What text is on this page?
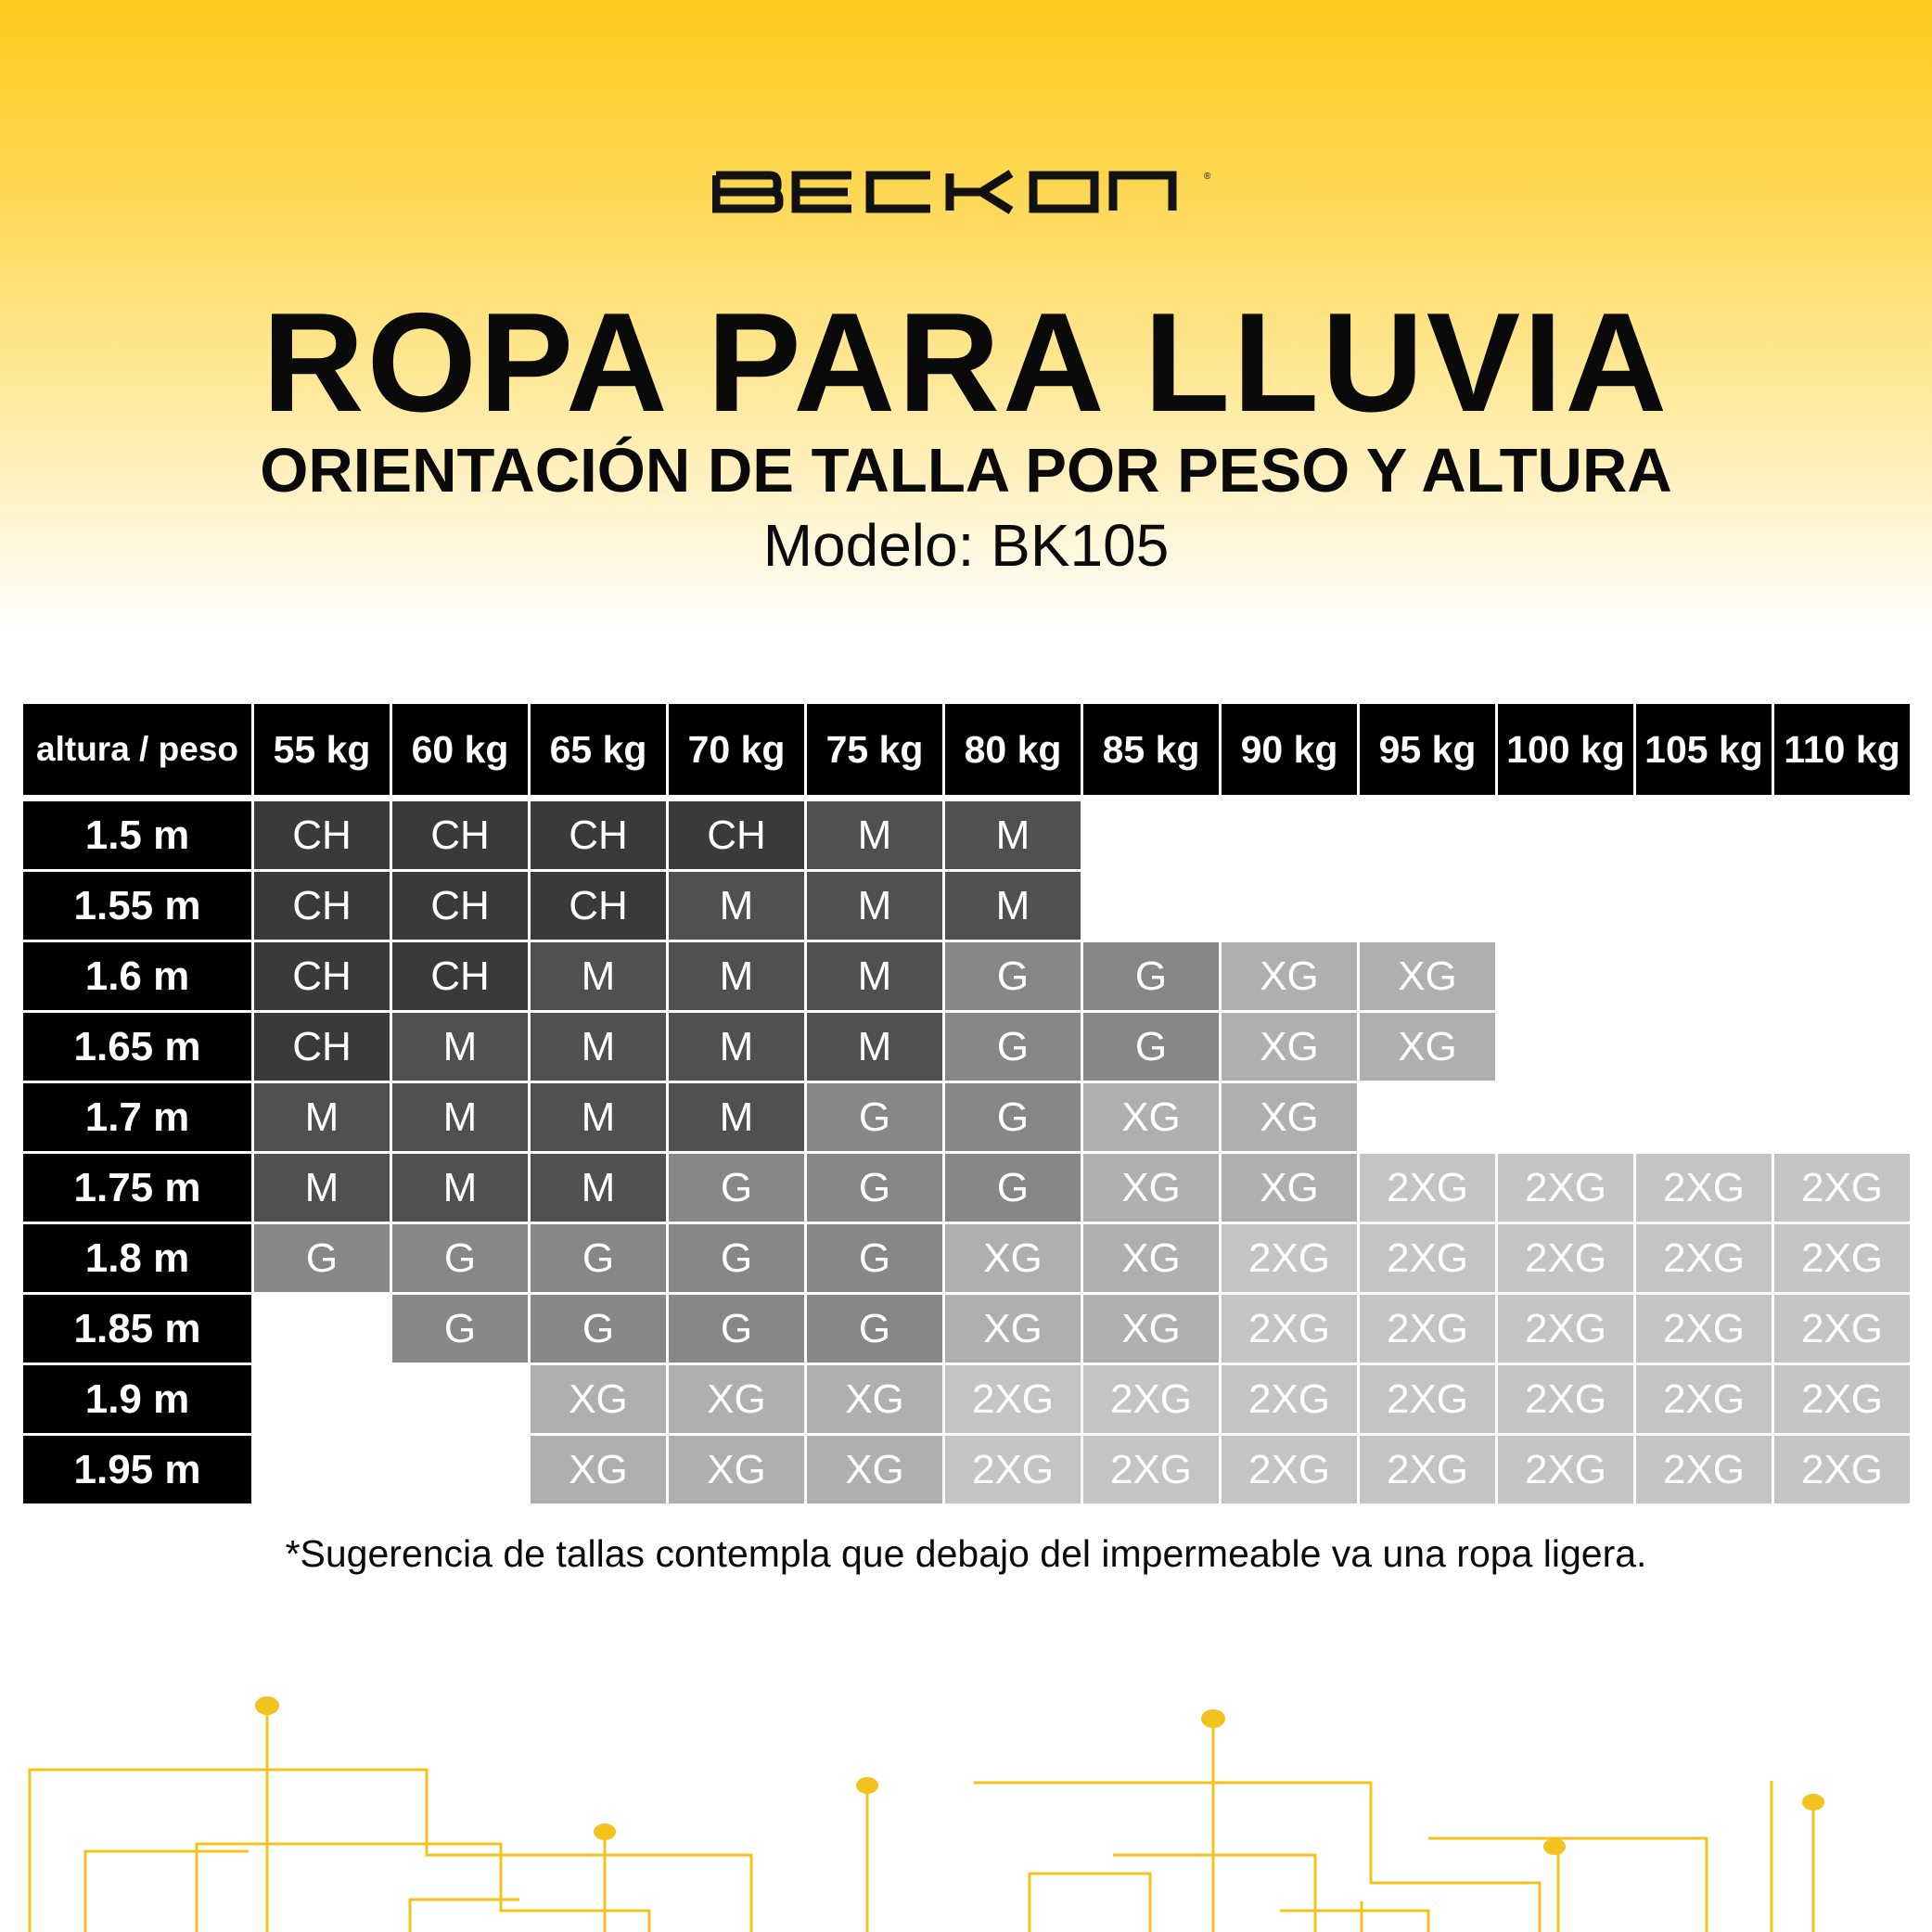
®
ROPA PARA LLUVIA
ORIENTACIÓN DE TALLA POR PESO Y ALTURA
Modelo: BK105
altura / peso	55 kg	60 kg	65 kg	70 kg	75 kg	80 kg	85 kg	90 kg	95 kg	100 kg	105 kg	110 kg

1.5 m	CH	CH	CH	CH	M	M						
1.55 m	CH	CH	CH	M	M	M						
1.6 m	CH	CH	M	M	M	G	G	XG	XG			
1.65 m	CH	M	M	M	M	G	G	XG	XG			
1.7 m	M	M	M	M	G	G	XG	XG				
1.75 m	M	M	M	G	G	G	XG	XG	2XG	2XG	2XG	2XG
1.8 m	G	G	G	G	G	XG	XG	2XG	2XG	2XG	2XG	2XG
1.85 m		G	G	G	G	XG	XG	2XG	2XG	2XG	2XG	2XG
1.9 m			XG	XG	XG	2XG	2XG	2XG	2XG	2XG	2XG	2XG
1.95 m			XG	XG	XG	2XG	2XG	2XG	2XG	2XG	2XG	2XG
*Sugerencia de tallas contempla que debajo del impermeable va una ropa ligera.
